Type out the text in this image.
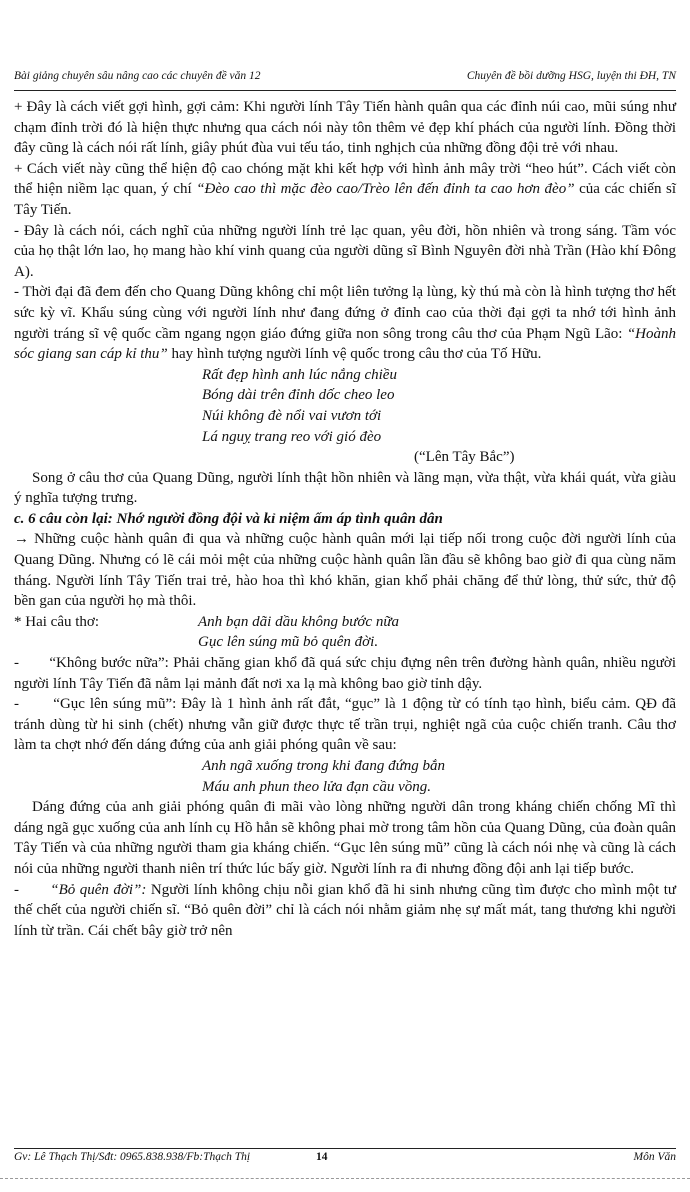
Bài giảng chuyên sâu nâng cao các chuyên đề văn 12	Chuyên đề bồi dưỡng HSG, luyện thi ĐH, TN

+ Đây là cách viết gợi hình, gợi cảm: Khi người lính Tây Tiến hành quân qua các đỉnh núi cao, mũi súng như chạm đỉnh trời đó là hiện thực nhưng qua cách nói này tôn thêm vẻ đẹp khí phách của người lính. Đồng thời đây cũng là cách nói rất lính, giây phút đùa vui tếu táo, tinh nghịch của những đồng đội trẻ với nhau.

+ Cách viết này cũng thể hiện độ cao chóng mặt khi kết hợp với hình ảnh mây trời “heo hút”. Cách viết còn thể hiện niềm lạc quan, ý chí “Đèo cao thì mặc đèo cao/Trèo lên đến đỉnh ta cao hơn đèo” của các chiến sĩ Tây Tiến.

- Đây là cách nói, cách nghĩ của những người lính trẻ lạc quan, yêu đời, hồn nhiên và trong sáng. Tầm vóc của họ thật lớn lao, họ mang hào khí vinh quang của người dũng sĩ Bình Nguyên đời nhà Trần (Hào khí Đông A).

- Thời đại đã đem đến cho Quang Dũng không chỉ một liên tưởng lạ lùng, kỳ thú mà còn là hình tượng thơ hết sức kỳ vĩ. Khẩu súng cùng với người lính như đang đứng ở đỉnh cao của thời đại gợi ta nhớ tới hình ảnh người tráng sĩ vệ quốc cầm ngang ngọn giáo đứng giữa non sông trong câu thơ của Phạm Ngũ Lão: “Hoành sóc giang san cáp kỉ thu” hay hình tượng người lính vệ quốc trong câu thơ của Tố Hữu.

Rất đẹp hình anh lúc nắng chiều

Bóng dài trên đỉnh dốc cheo leo

Núi không đè nổi vai vươn tới

Lá nguỵ trang reo với gió đèo

(“Lên Tây Bắc”)

Song ở câu thơ của Quang Dũng, người lính thật hồn nhiên và lãng mạn, vừa thật, vừa khái quát, vừa giàu ý nghĩa tượng trưng.

c. 6 câu còn lại: Nhớ người đồng đội và kỉ niệm ấm áp tình quân dân

→ Những cuộc hành quân đi qua và những cuộc hành quân mới lại tiếp nối trong cuộc đời người lính của Quang Dũng. Nhưng có lẽ cái mỏi mệt của những cuộc hành quân lần đầu sẽ không bao giờ đi qua cùng năm tháng. Người lính Tây Tiến trai trẻ, hào hoa thì khó khăn, gian khổ phải chăng để thử lòng, thử sức, thử độ bền gan của người họ mà thôi.

* Hai câu thơ:	Anh bạn dãi dầu không bước nữa
Gục lên súng mũ bỏ quên đời.

-       “Không bước nữa”: Phải chăng gian khổ đã quá sức chịu đựng nên trên đường hành quân, nhiều người người lính Tây Tiến đã nằm lại mảnh đất nơi xa lạ mà không bao giờ tỉnh dậy.

-       “Gục lên súng mũ”: Đây là 1 hình ảnh rất đắt, “gục” là 1 động từ có tính tạo hình, biểu cảm. QĐ đã tránh dùng từ hi sinh (chết) nhưng vẫn giữ được thực tế trần trụi, nghiệt ngã của cuộc chiến tranh. Câu thơ làm ta chợt nhớ đến dáng đứng của anh giải phóng quân về sau:

Anh ngã xuống trong khi đang đứng bắn

Máu anh phun theo lửa đạn cầu vồng.

Dáng đứng của anh giải phóng quân đi mãi vào lòng những người dân trong kháng chiến chống Mĩ thì dáng ngã gục xuống của anh lính cụ Hồ hẳn sẽ không phai mờ trong tâm hồn của Quang Dũng, của đoàn quân Tây Tiến và của những người tham gia kháng chiến. “Gục lên súng mũ” cũng là cách nói nhẹ và cũng là cách nói của những người thanh niên trí thức lúc bấy giờ. Người lính ra đi nhưng đồng đội anh lại tiếp bước.

-       “Bỏ quên đời”: Người lính không chịu nỗi gian khổ đã hi sinh nhưng cũng tìm được cho mình một tư thế chết của người chiến sĩ. “Bỏ quên đời” chỉ là cách nói nhằm giảm nhẹ sự mất mát, tang thương khi người lính từ trần. Cái chết bây giờ trở nên

Gv: Lê Thạch Thị/Sđt: 0965.838.938/Fb:Thạch Thị	14	Môn Văn
